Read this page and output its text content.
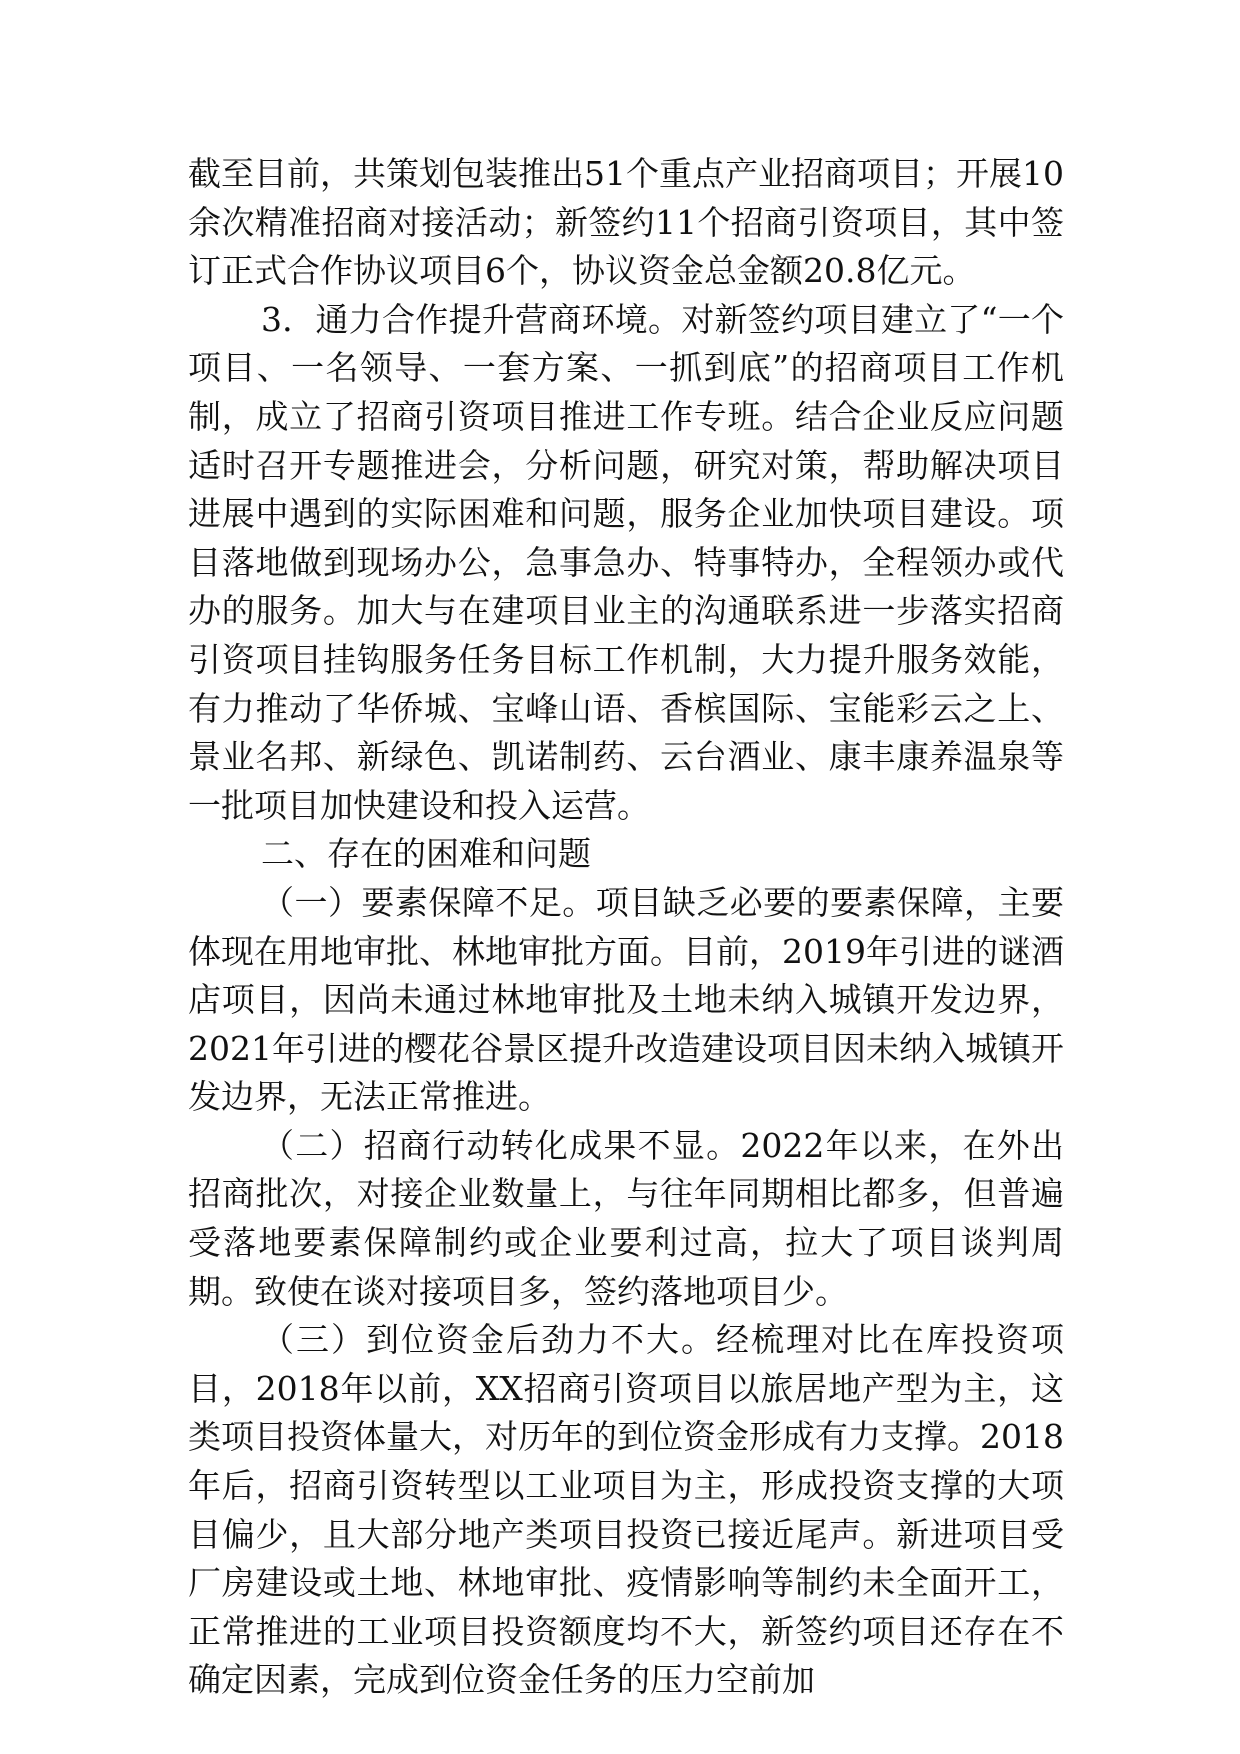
截至目前，共策划包装推出51个重点产业招商项目；开展10余次精准招商对接活动；新签约11个招商引资项目，其中签订正式合作协议项目6个，协议资金总金额20.8亿元。

3．通力合作提升营商环境。对新签约项目建立了“一个项目、一名领导、一套方案、一抓到底”的招商项目工作机制，成立了招商引资项目推进工作专班。结合企业反应问题适时召开专题推进会，分析问题，研究对策，帮助解决项目进展中遇到的实际困难和问题，服务企业加快项目建设。项目落地做到现场办公，急事急办、特事特办，全程领办或代办的服务。加大与在建项目业主的沟通联系进一步落实招商引资项目挂钩服务任务目标工作机制，大力提升服务效能，有力推动了华侨城、宝峰山语、香槟国际、宝能彩云之上、景业名邦、新绿色、凯诺制药、云台酒业、康丰康养温泉等一批项目加快建设和投入运营。

二、存在的困难和问题

（一）要素保障不足。项目缺乏必要的要素保障，主要体现在用地审批、林地审批方面。目前，2019年引进的谜酒店项目，因尚未通过林地审批及土地未纳入城镇开发边界，2021年引进的樱花谷景区提升改造建设项目因未纳入城镇开发边界，无法正常推进。

（二）招商行动转化成果不显。2022年以来，在外出招商批次，对接企业数量上，与往年同期相比都多，但普遍受落地要素保障制约或企业要利过高，拉大了项目谈判周期。致使在谈对接项目多，签约落地项目少。

（三）到位资金后劲力不大。经梳理对比在库投资项目，2018年以前，XX招商引资项目以旅居地产型为主，这类项目投资体量大，对历年的到位资金形成有力支撑。2018年后，招商引资转型以工业项目为主，形成投资支撑的大项目偏少，且大部分地产类项目投资已接近尾声。新进项目受厂房建设或土地、林地审批、疫情影响等制约未全面开工，正常推进的工业项目投资额度均不大，新签约项目还存在不确定因素，完成到位资金任务的压力空前加
